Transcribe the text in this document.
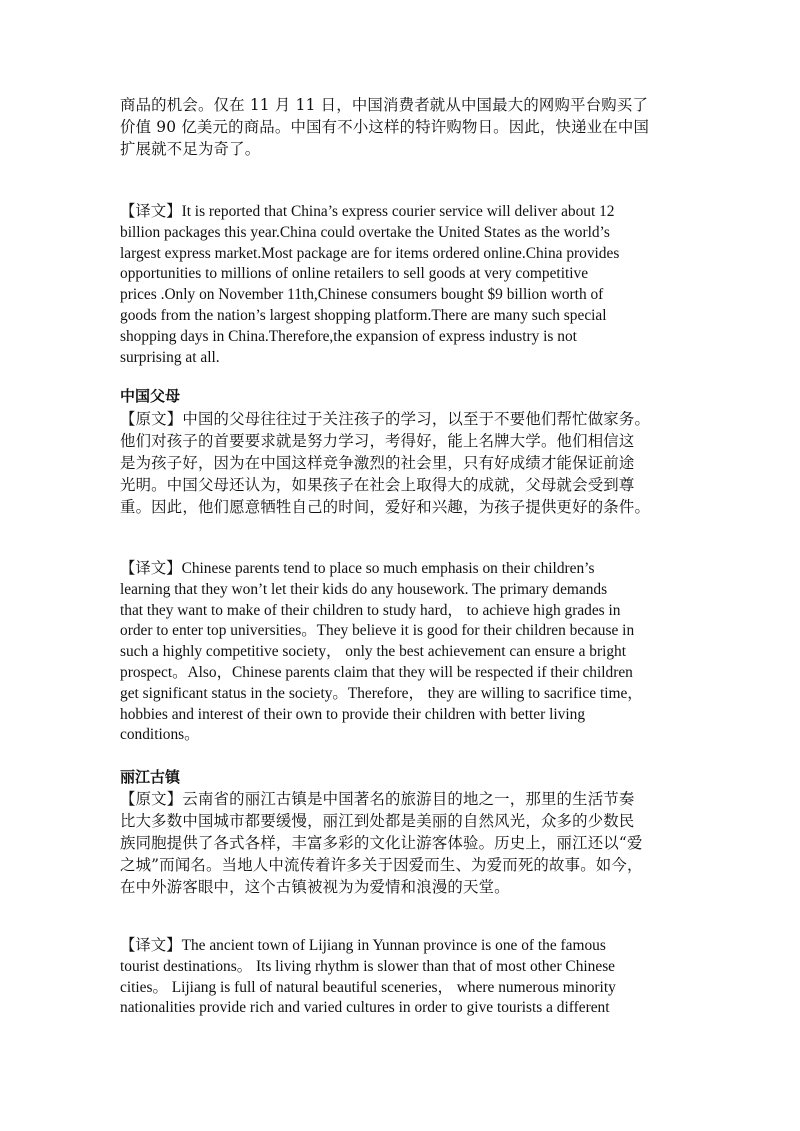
商品的机会。仅在 11 月 11 日，中国消费者就从中国最大的网购平台购买了
价值 90 亿美元的商品。中国有不小这样的特许购物日。因此，快递业在中国
扩展就不足为奇了。
【译文】It is reported that China’s express courier service will deliver about 12
billion packages this year.China could overtake the United States as the world’s
largest express market.Most package are for items ordered online.China provides
opportunities to millions of online retailers to sell goods at very competitive
prices .Only on November 11th,Chinese consumers bought $9 billion worth of
goods from the nation’s largest shopping platform.There are many such special
shopping days in China.Therefore,the expansion of express industry is not
surprising at all.
中国父母
【原文】中国的父母往往过于关注孩子的学习，以至于不要他们帮忙做家务。
他们对孩子的首要要求就是努力学习，考得好，能上名牌大学。他们相信这
是为孩子好，因为在中国这样竞争激烈的社会里，只有好成绩才能保证前途
光明。中国父母还认为，如果孩子在社会上取得大的成就，父母就会受到尊
重。因此，他们愿意牺牲自己的时间，爱好和兴趣，为孩子提供更好的条件。
【译文】Chinese parents tend to place so much emphasis on their children’s
learning that they won’t let their kids do any housework. The primary demands
that they want to make of their children to study hard， to achieve high grades in
order to enter top universities。They believe it is good for their children because in
such a highly competitive society， only the best achievement can ensure a bright
prospect。Also，Chinese parents claim that they will be respected if their children
get significant status in the society。Therefore， they are willing to sacrifice time，
hobbies and interest of their own to provide their children with better living
conditions。
丽江古镇
【原文】云南省的丽江古镇是中国著名的旅游目的地之一，那里的生活节奏
比大多数中国城市都要缓慢，丽江到处都是美丽的自然风光，众多的少数民
族同胞提供了各式各样，丰富多彩的文化让游客体验。历史上，丽江还以“爱
之城”而闻名。当地人中流传着许多关于因爱而生、为爱而死的故事。如今，
在中外游客眼中，这个古镇被视为为爱情和浪漫的天堂。
【译文】The ancient town of Lijiang in Yunnan province is one of the famous
tourist destinations。 Its living rhythm is slower than that of most other Chinese
cities。 Lijiang is full of natural beautiful sceneries， where numerous minority
nationalities provide rich and varied cultures in order to give tourists a different
